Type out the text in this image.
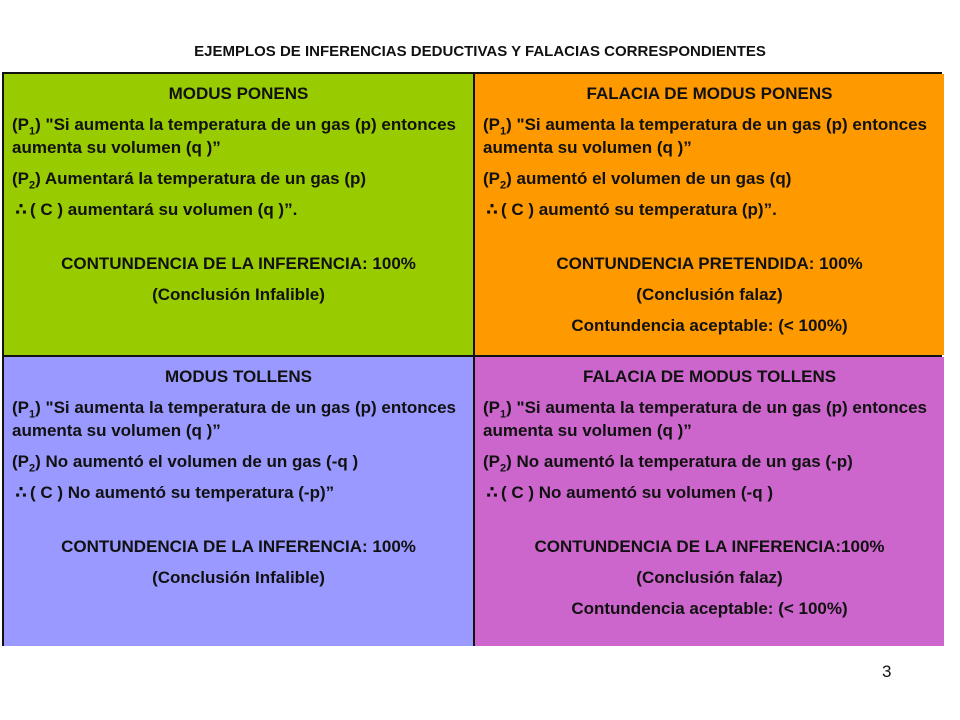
EJEMPLOS DE INFERENCIAS DEDUCTIVAS Y FALACIAS CORRESPONDIENTES
MODUS PONENS
$(P_1)$ "Si aumenta la temperatura de un gas (p) entonces aumenta su volumen (q )”
$(P_2)$ Aumentará la temperatura de un gas (p)
∴ ( C ) aumentará su volumen (q )”.
CONTUNDENCIA DE LA INFERENCIA: 100%
(Conclusión Infalible)
FALACIA DE MODUS PONENS
$(P_1)$ "Si aumenta la temperatura de un gas (p) entonces aumenta su volumen (q )”
$(P_2)$ aumentó el volumen de un gas (q)
∴ ( C ) aumentó su temperatura (p)”.
CONTUNDENCIA PRETENDIDA: 100%
(Conclusión falaz)
Contundencia aceptable: (< 100%)
MODUS TOLLENS
$(P_1)$ "Si aumenta la temperatura de un gas (p) entonces aumenta su volumen (q )”
$(P_2)$ No aumentó el volumen de un gas (-q )
∴ ( C ) No aumentó su temperatura (-p)”
CONTUNDENCIA DE LA INFERENCIA: 100%
(Conclusión Infalible)
FALACIA DE MODUS TOLLENS
$(P_1)$ "Si aumenta la temperatura de un gas (p) entonces aumenta su volumen (q )”
$(P_2)$ No aumentó la temperatura de un gas (-p)
∴ ( C ) No aumentó su volumen (-q )
CONTUNDENCIA DE LA INFERENCIA:100%
(Conclusión falaz)
Contundencia aceptable: (< 100%)
3
